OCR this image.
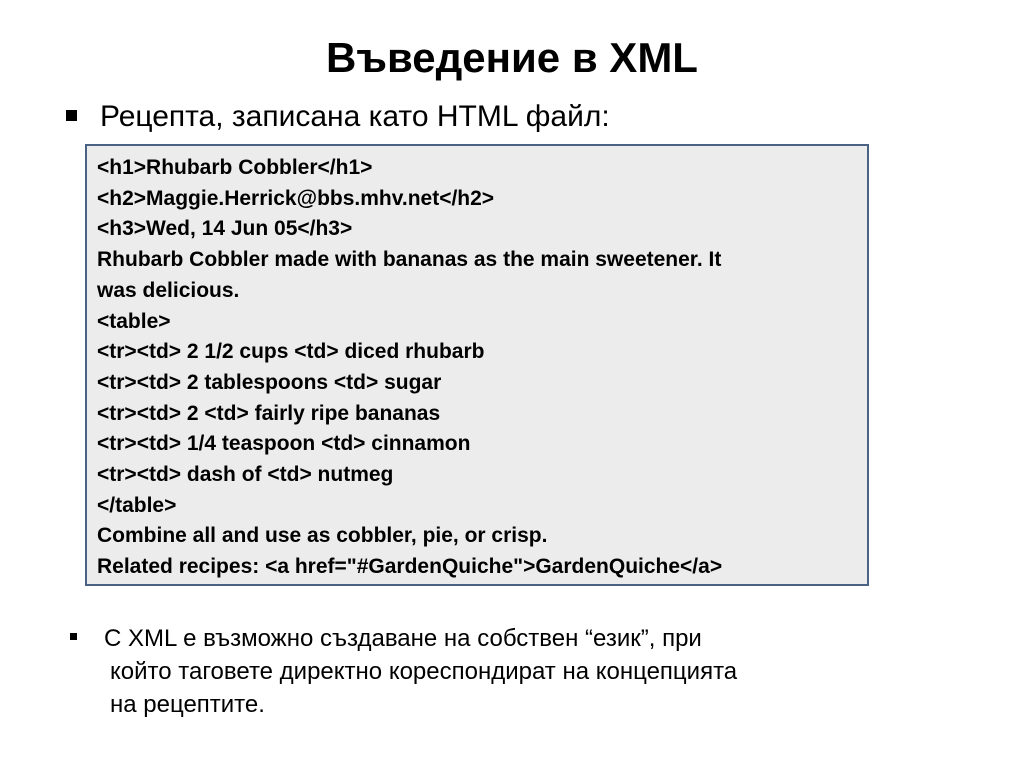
Въведение в XML
Рецепта, записана като HTML файл:
<h1>Rhubarb Cobbler</h1>
<h2>Maggie.Herrick@bbs.mhv.net</h2>
<h3>Wed, 14 Jun 05</h3>
Rhubarb Cobbler made with bananas as the main sweetener. It
was delicious.
<table>
<tr><td> 2 1/2 cups <td> diced rhubarb
<tr><td> 2 tablespoons <td> sugar
<tr><td> 2 <td> fairly ripe bananas
<tr><td> 1/4 teaspoon <td> cinnamon
<tr><td> dash of <td> nutmeg
</table>
Combine all and use as cobbler, pie, or crisp.
Related recipes: <a href="#GardenQuiche">GardenQuiche</a>
С XML е възможно създаване на собствен “език”, при
който таговете директно кореспондират на концепцията
на рецептите.
